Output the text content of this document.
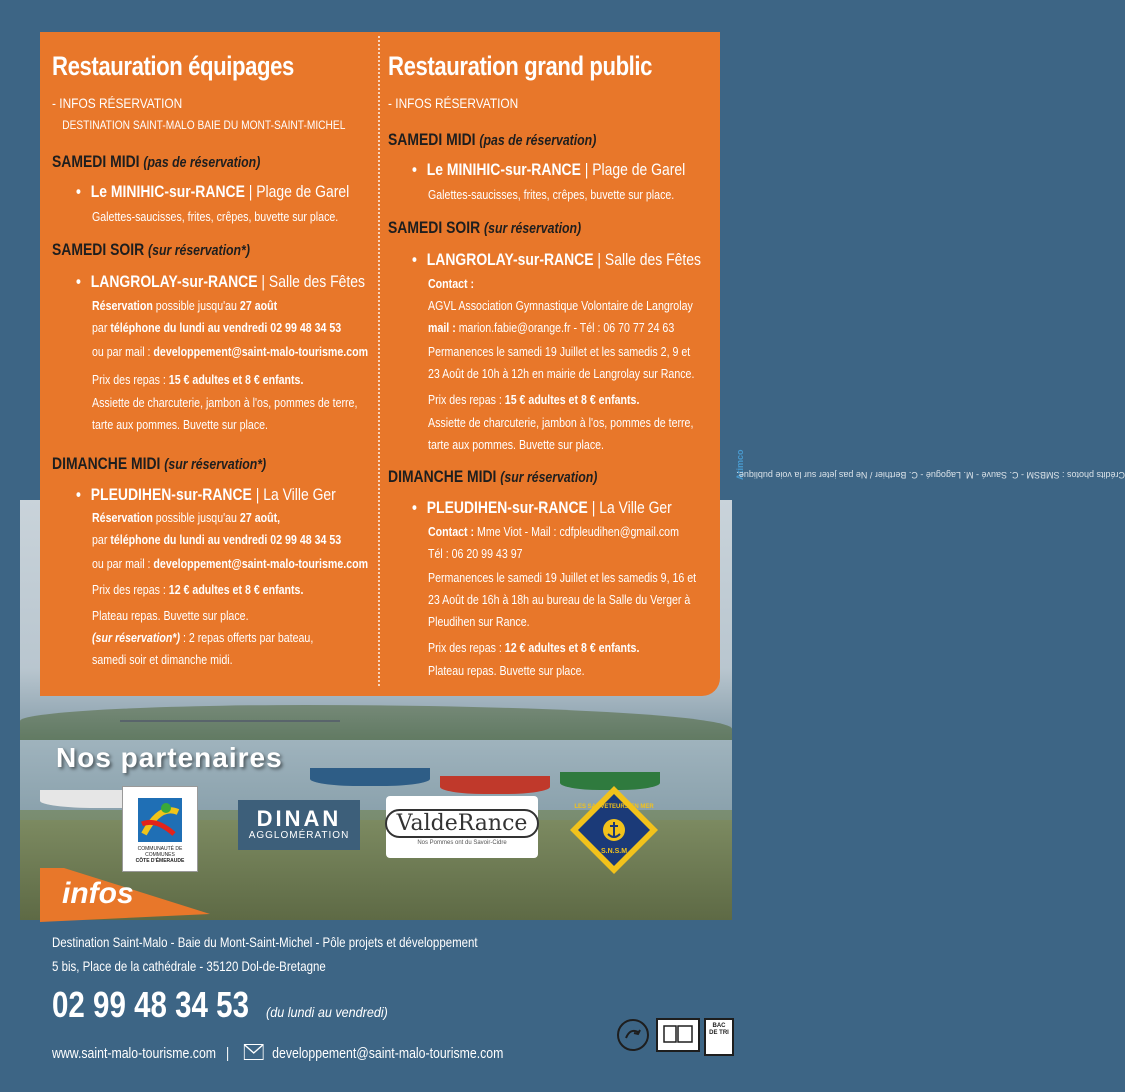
Restauration équipages
- INFOS RÉSERVATION
DESTINATION SAINT-MALO BAIE DU MONT-SAINT-MICHEL
SAMEDI MIDI (pas de réservation)
• Le MINIHIC-sur-RANCE | Plage de Garel
Galettes-saucisses, frites, crêpes, buvette sur place.
SAMEDI SOIR (sur réservation*)
• LANGROLAY-sur-RANCE | Salle des Fêtes
Réservation possible jusqu'au 27 août
par téléphone du lundi au vendredi 02 99 48 34 53
ou par mail : developpement@saint-malo-tourisme.com
Prix des repas : 15 € adultes et 8 € enfants.
Assiette de charcuterie, jambon à l'os, pommes de terre,
tarte aux pommes. Buvette sur place.
DIMANCHE MIDI (sur réservation*)
• PLEUDIHEN-sur-RANCE | La Ville Ger
Réservation possible jusqu'au 27 août,
par téléphone du lundi au vendredi 02 99 48 34 53
ou par mail : developpement@saint-malo-tourisme.com
Prix des repas : 12 € adultes et 8 € enfants.
Plateau repas. Buvette sur place.
(sur réservation*) : 2 repas offerts par bateau,
samedi soir et dimanche midi.
Restauration grand public
- INFOS RÉSERVATION
SAMEDI MIDI (pas de réservation)
• Le MINIHIC-sur-RANCE | Plage de Garel
Galettes-saucisses, frites, crêpes, buvette sur place.
SAMEDI SOIR (sur réservation)
• LANGROLAY-sur-RANCE | Salle des Fêtes
Contact :
AGVL Association Gymnastique Volontaire de Langrolay
mail : marion.fabie@orange.fr - Tél : 06 70 77 24 63
Permanences le samedi 19 Juillet et les samedis 2, 9 et
23 Août de 10h à 12h en mairie de Langrolay sur Rance.
Prix des repas : 15 € adultes et 8 € enfants.
Assiette de charcuterie, jambon à l'os, pommes de terre,
tarte aux pommes. Buvette sur place.
DIMANCHE MIDI (sur réservation)
• PLEUDIHEN-sur-RANCE | La Ville Ger
Contact : Mme Viot - Mail : cdfpleudihen@gmail.com
Tél : 06 20 99 43 97
Permanences le samedi 19 Juillet et les samedis 9, 16 et
23 Août de 16h à 18h au bureau de la Salle du Verger à
Pleudihen sur Rance.
Prix des repas : 12 € adultes et 8 € enfants.
Plateau repas. Buvette sur place.
Crédits photos : SMBSM - C. Sauvé - M. Lagogué - C. Berthier / Ne pas jeter sur la voie publique.
Atimco
Nos partenaires
COMMUNAUTÉ DE COMMUNES
CÔTE D'ÉMERAUDE
DINAN
AGGLOMÉRATION	ValdeRance
Nos Pommes ont du Savoir-Cidre
LES SAUVETEURS EN MER
S.N.S.M
infos
Destination Saint-Malo - Baie du Mont-Saint-Michel - Pôle projets et développement
5 bis, Place de la cathédrale - 35120 Dol-de-Bretagne
02 99 48 34 53 (du lundi au vendredi)
www.saint-malo-tourisme.com |	developpement@saint-malo-tourisme.com
BAC DE TRI
